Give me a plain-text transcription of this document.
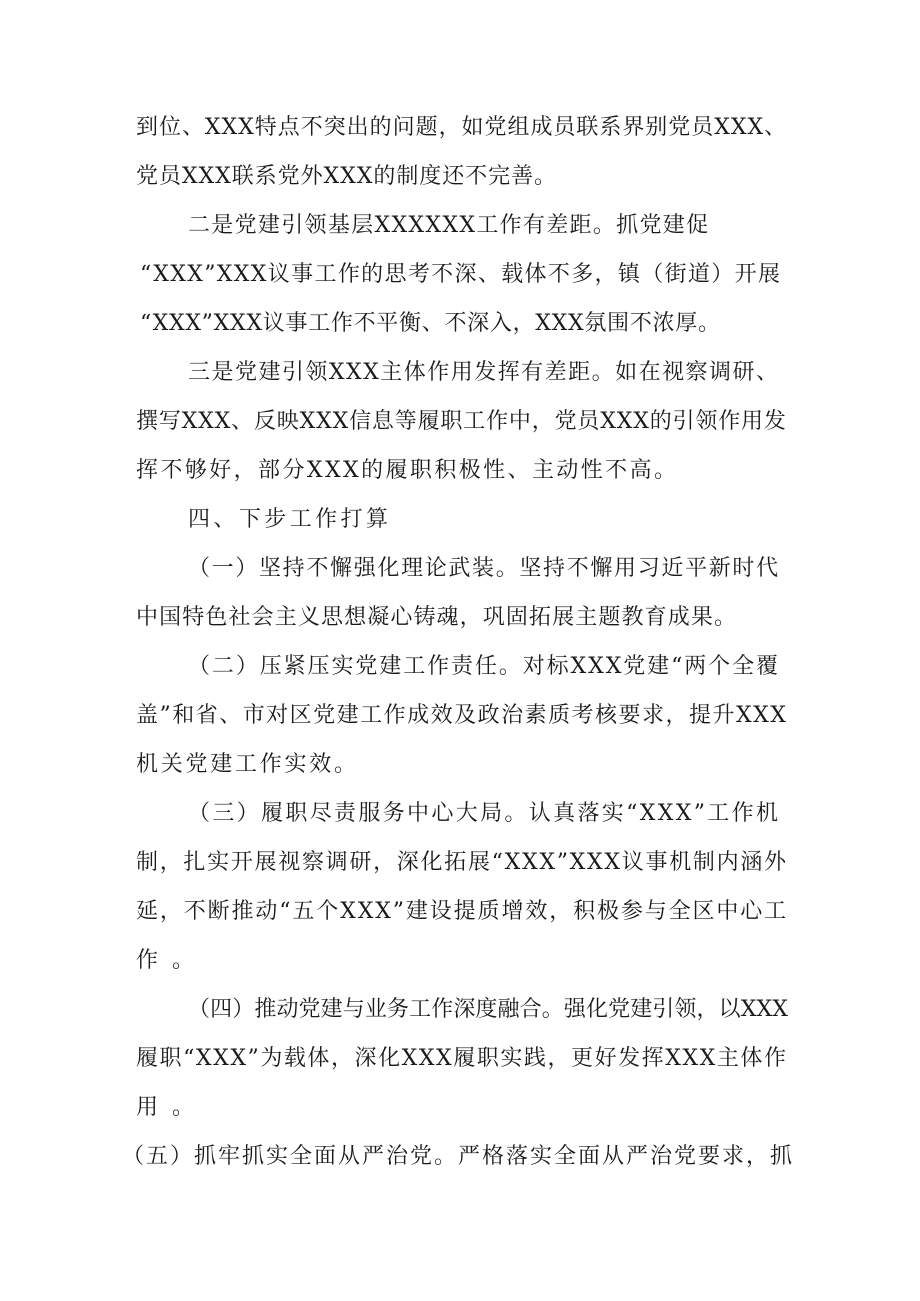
到位、XXX特点不突出的问题，如党组成员联系界别党员XXX、
党员XXX联系党外XXX的制度还不完善。
二是党建引领基层XXXXXX工作有差距。抓党建促
“XXX”XXX议事工作的思考不深、载体不多，镇（街道）开展
“XXX”XXX议事工作不平衡、不深入，XXX氛围不浓厚。
三是党建引领XXX主体作用发挥有差距。如在视察调研、
撰写XXX、反映XXX信息等履职工作中，党员XXX的引领作用发
挥不够好，部分XXX的履职积极性、主动性不高。
四、下步工作打算
（一）坚持不懈强化理论武装。坚持不懈用习近平新时代
中国特色社会主义思想凝心铸魂，巩固拓展主题教育成果。
（二）压紧压实党建工作责任。对标XXX党建“两个全覆
盖”和省、市对区党建工作成效及政治素质考核要求，提升XXX
机关党建工作实效。
（三）履职尽责服务中心大局。认真落实“XXX”工作机
制，扎实开展视察调研，深化拓展“XXX”XXX议事机制内涵外
延，不断推动“五个XXX”建设提质增效，积极参与全区中心工
作。
（四）推动党建与业务工作深度融合。强化党建引领，以XXX
履职“XXX”为载体，深化XXX履职实践，更好发挥XXX主体作
用。
（五）抓牢抓实全面从严治党。严格落实全面从严治党要求，抓
